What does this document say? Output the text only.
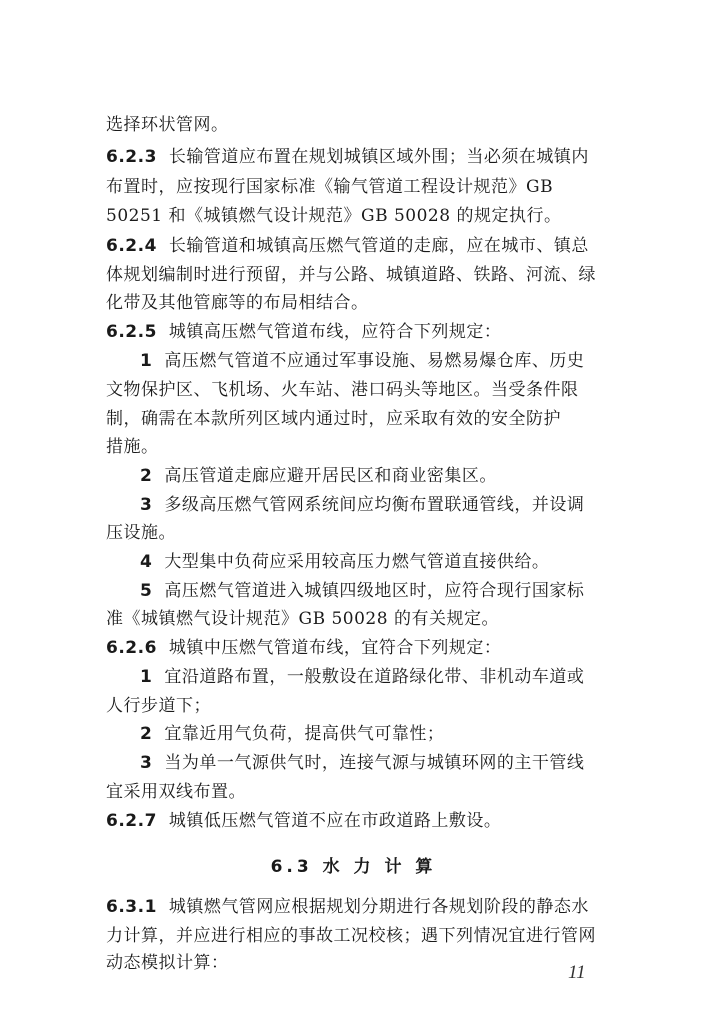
选择环状管网。
6.2.3 长输管道应布置在规划城镇区域外围；当必须在城镇内
布置时，应按现行国家标准《输气管道工程设计规范》GB
50251 和《城镇燃气设计规范》GB 50028 的规定执行。
6.2.4 长输管道和城镇高压燃气管道的走廊，应在城市、镇总
体规划编制时进行预留，并与公路、城镇道路、铁路、河流、绿
化带及其他管廊等的布局相结合。
6.2.5 城镇高压燃气管道布线，应符合下列规定：
1 高压燃气管道不应通过军事设施、易燃易爆仓库、历史
文物保护区、飞机场、火车站、港口码头等地区。当受条件限
制，确需在本款所列区域内通过时，应采取有效的安全防护
措施。
2 高压管道走廊应避开居民区和商业密集区。
3 多级高压燃气管网系统间应均衡布置联通管线，并设调
压设施。
4 大型集中负荷应采用较高压力燃气管道直接供给。
5 高压燃气管道进入城镇四级地区时，应符合现行国家标
准《城镇燃气设计规范》GB 50028 的有关规定。
6.2.6 城镇中压燃气管道布线，宜符合下列规定：
1 宜沿道路布置，一般敷设在道路绿化带、非机动车道或
人行步道下；
2 宜靠近用气负荷，提高供气可靠性；
3 当为单一气源供气时，连接气源与城镇环网的主干管线
宜采用双线布置。
6.2.7 城镇低压燃气管道不应在市政道路上敷设。
6.3 水 力 计 算
6.3.1 城镇燃气管网应根据规划分期进行各规划阶段的静态水
力计算，并应进行相应的事故工况校核；遇下列情况宜进行管网
动态模拟计算：	11
